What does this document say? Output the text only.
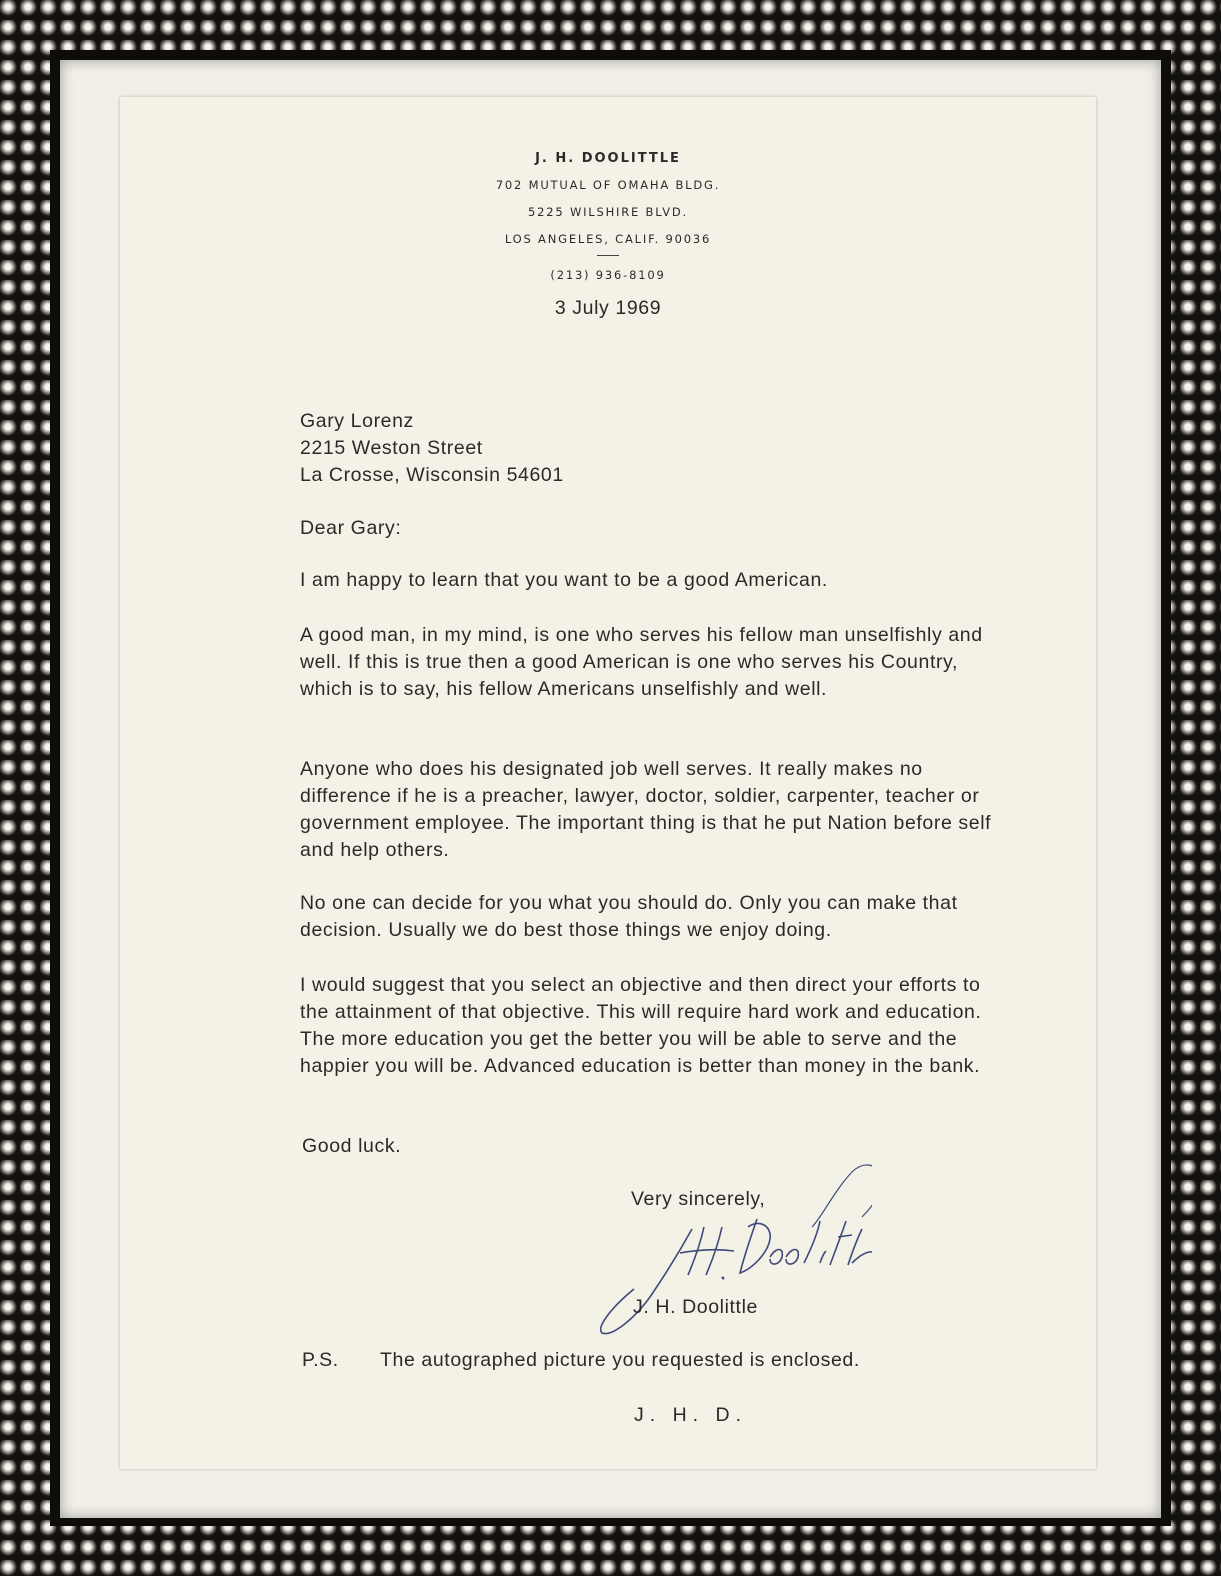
J. H. DOOLITTLE
702 MUTUAL OF OMAHA BLDG.
5225 WILSHIRE BLVD.
LOS ANGELES, CALIF. 90036
(213) 936-8109
3 July 1969
Gary Lorenz
2215 Weston Street
La Crosse, Wisconsin 54601
Dear Gary:

I am happy to learn that you want to be a good American.

A good man, in my mind, is one who serves his fellow man unselfishly and well. If this is true then a good American is one who serves his Country, which is to say, his fellow Americans unselfishly and well.

Anyone who does his designated job well serves. It really makes no difference if he is a preacher, lawyer, doctor, soldier, carpenter, teacher or government employee. The important thing is that he put Nation before self and help others.

No one can decide for you what you should do. Only you can make that decision. Usually we do best those things we enjoy doing.

I would suggest that you select an objective and then direct your efforts to the attainment of that objective. This will require hard work and education. The more education you get the better you will be able to serve and the happier you will be. Advanced education is better than money in the bank.

Good luck.
Very sincerely,
J. H. Doolittle
P.S. The autographed picture you requested is enclosed.
J. H. D.
